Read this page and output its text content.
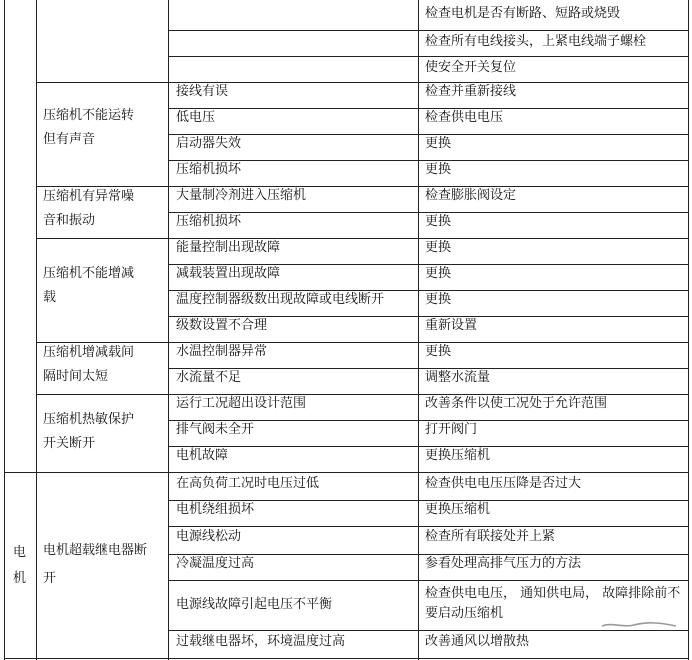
接线有误
低电压
启动器失效
压缩机损坏
大量制冷剂进入压缩机
压缩机损坏
能量控制出现故障
减载装置出现故障
温度控制器级数出现故障或电线断开
级数设置不合理
水温控制器异常
水流量不足
运行工况超出设计范围
排气阀未全开
电机故障
在高负荷工况时电压过低
电机绕组损坏
电源线松动
冷凝温度过高
电源线故障引起电压不平衡
过载继电器坏，环境温度过高
检查电机是否有断路、短路或烧毁
检查所有电线接头，上紧电线端子螺栓
使安全开关复位
检查并重新接线
检查供电电压
更换
更换
检查膨胀阀设定
更换
更换
更换
更换
重新设置
更换
调整水流量
改善条件以使工况处于允许范围
打开阀门
更换压缩机
检查供电电压压降是否过大
更换压缩机
检查所有联接处并上紧
参看处理高排气压力的方法
检查供电电压， 通知供电局， 故障排除前不要启动压缩机
改善通风以增散热
压缩机不能运转
但有声音
压缩机有异常噪
音和振动
压缩机不能增减
载
压缩机增减载间
隔时间太短
压缩机热敏保护
开关断开
电机超载继电器断
开
电
机
